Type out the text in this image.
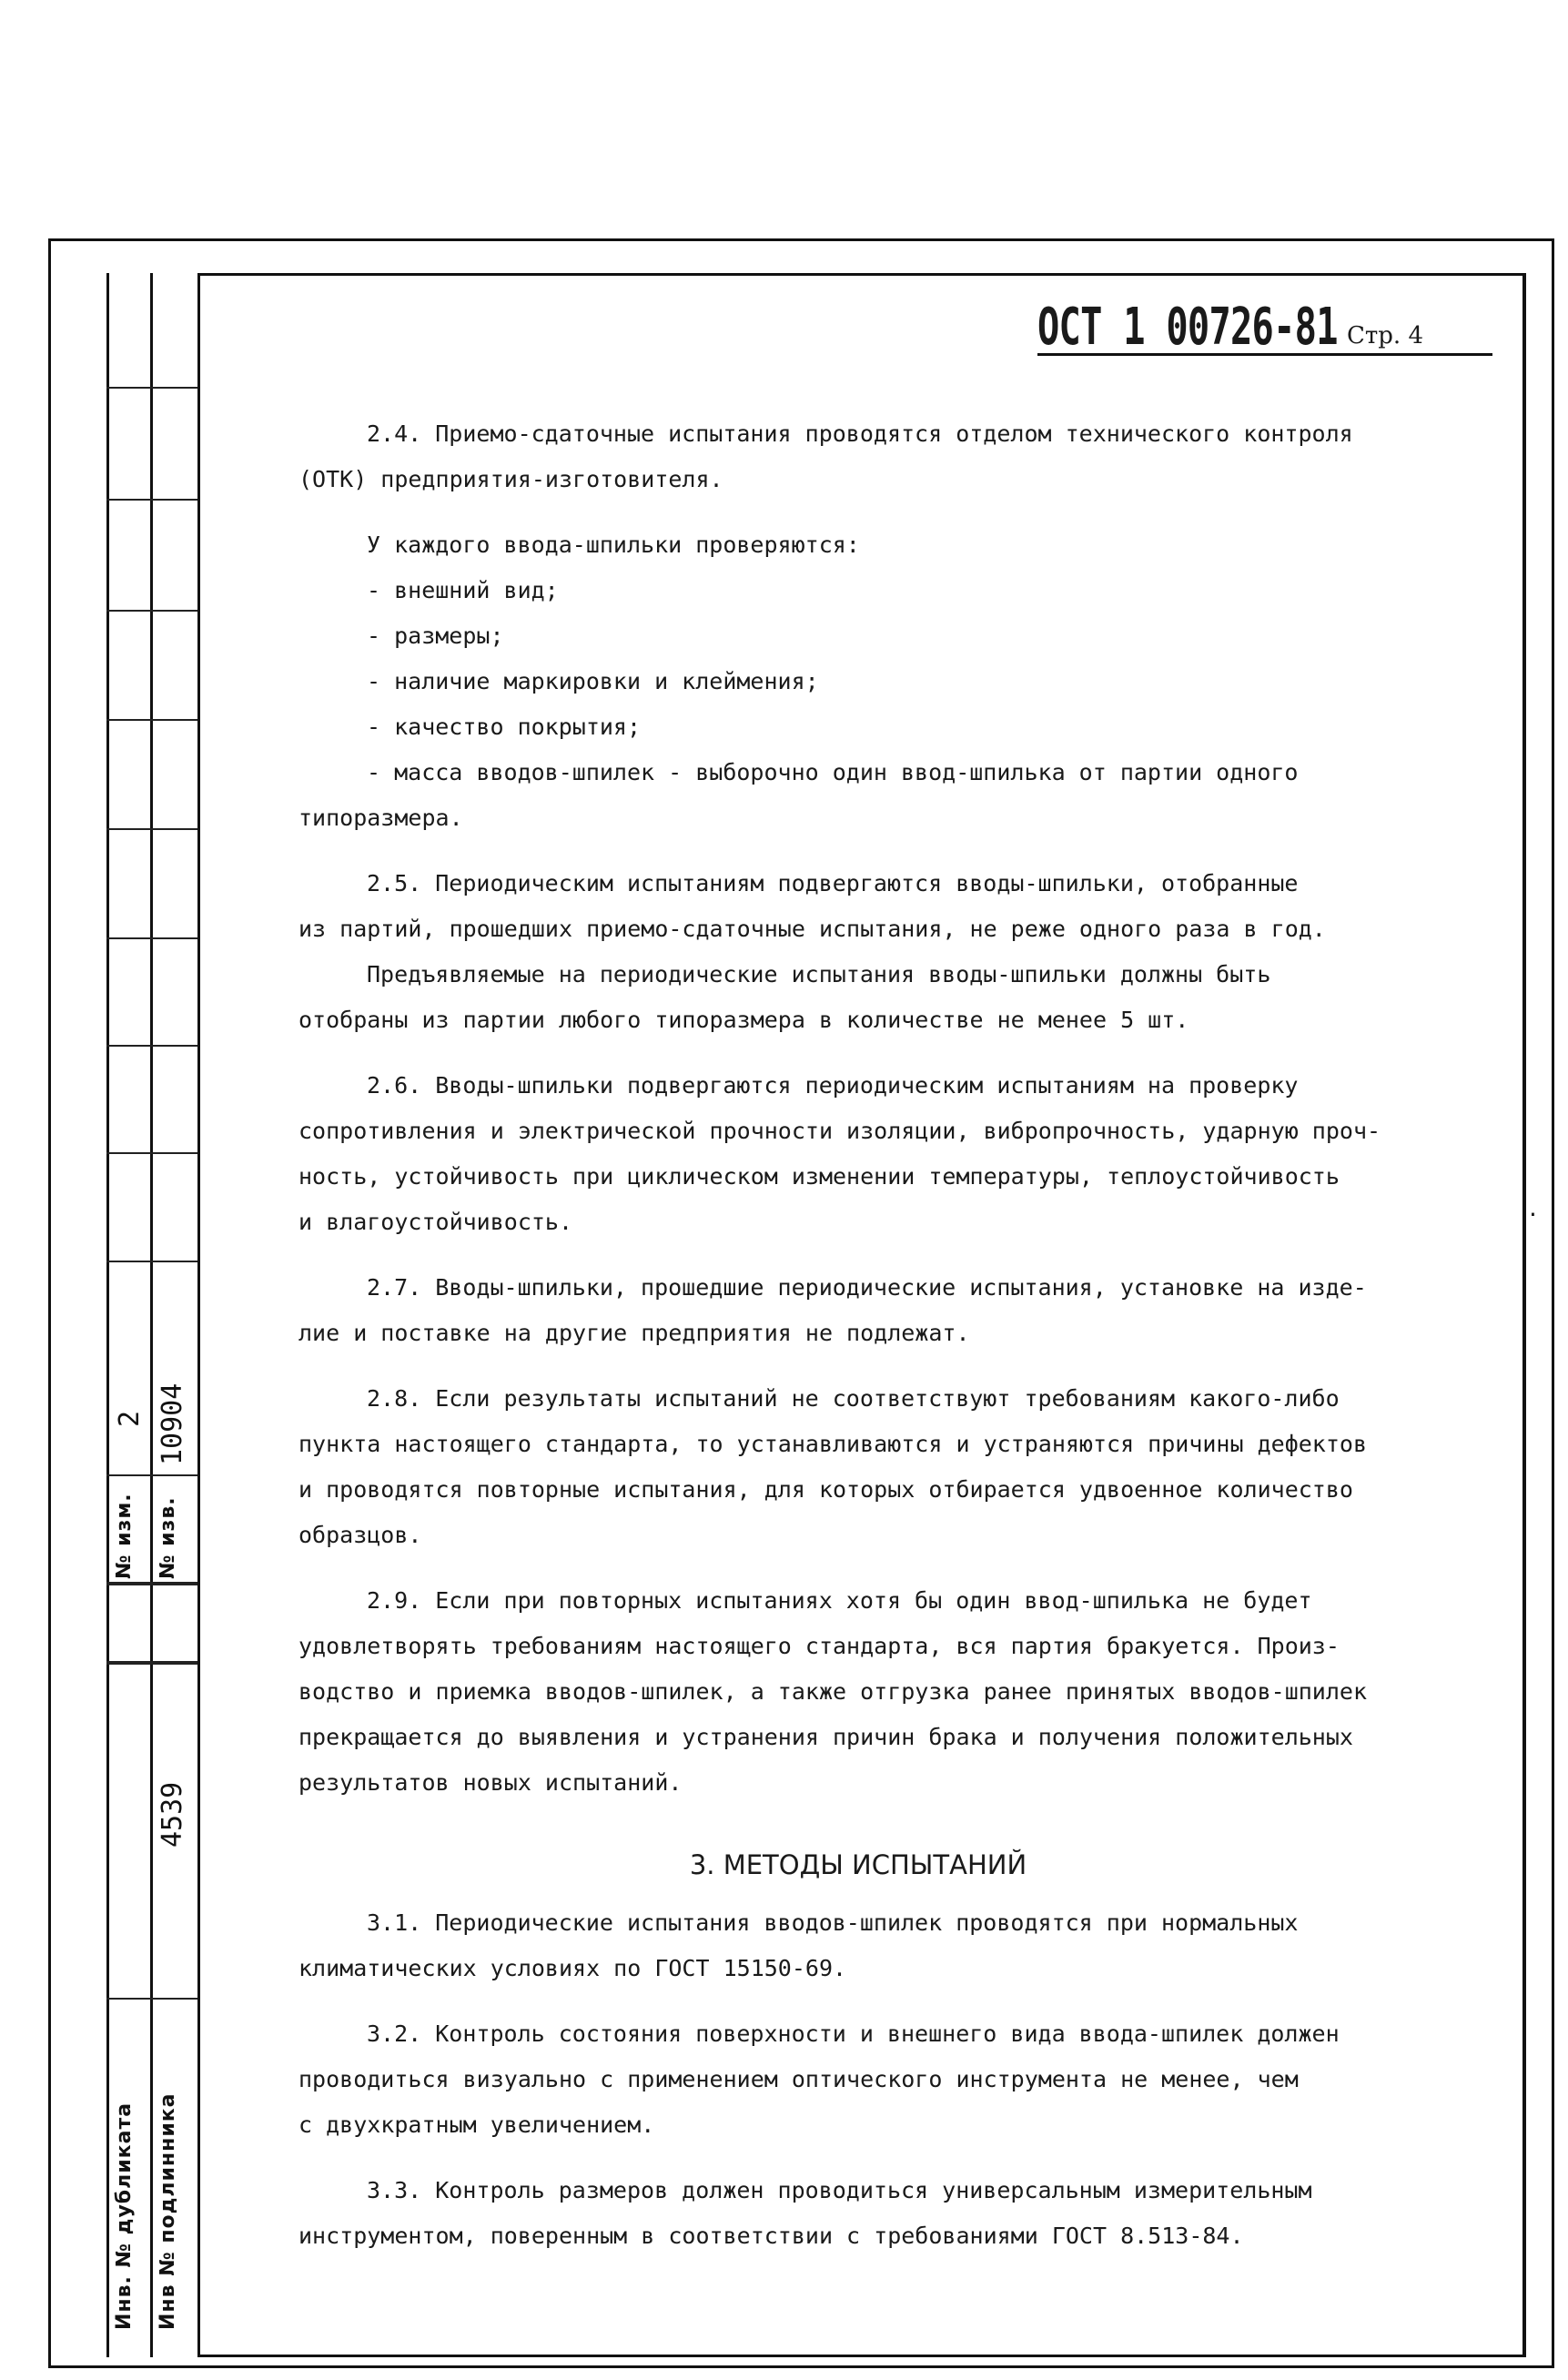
№ изм.
2
№ изв.
10904
Инв. № дубликата Инв № подлинника
4539
ОСТ 1 00726-81 Стр. 4
2.4. Приемо-сдаточные испытания проводятся отделом технического контроля
(ОТК) предприятия-изготовителя.
У каждого ввода-шпильки проверяются:
- внешний вид;
- размеры;
- наличие маркировки и клеймения;
- качество покрытия;
- масса вводов-шпилек - выборочно один ввод-шпилька от партии одного
типоразмера.
2.5. Периодическим испытаниям подвергаются вводы-шпильки, отобранные
из партий, прошедших приемо-сдаточные испытания, не реже одного раза в год.
Предъявляемые на периодические испытания вводы-шпильки должны быть
отобраны из партии любого типоразмера в количестве не менее 5 шт.
2.6. Вводы-шпильки подвергаются периодическим испытаниям на проверку
сопротивления и электрической прочности изоляции, вибропрочность, ударную проч-
ность, устойчивость при циклическом изменении температуры, теплоустойчивость
и влагоустойчивость.
2.7. Вводы-шпильки, прошедшие периодические испытания, установке на изде-
лие и поставке на другие предприятия не подлежат.
2.8. Если результаты испытаний не соответствуют требованиям какого-либо
пункта настоящего стандарта, то устанавливаются и устраняются причины дефектов
и проводятся повторные испытания, для которых отбирается удвоенное количество
образцов.
2.9. Если при повторных испытаниях хотя бы один ввод-шпилька не будет
удовлетворять требованиям настоящего стандарта, вся партия бракуется. Произ-
водство и приемка вводов-шпилек, а также отгрузка ранее принятых вводов-шпилек
прекращается до выявления и устранения причин брака и получения положительных
результатов новых испытаний.
3. МЕТОДЫ ИСПЫТАНИЙ
3.1. Периодические испытания вводов-шпилек проводятся при нормальных
климатических условиях по ГОСТ 15150-69.
3.2. Контроль состояния поверхности и внешнего вида ввода-шпилек должен
проводиться визуально с применением оптического инструмента не менее, чем
с двухкратным увеличением.
3.3. Контроль размеров должен проводиться универсальным измерительным
инструментом, поверенным в соответствии с требованиями ГОСТ 8.513-84.
·
